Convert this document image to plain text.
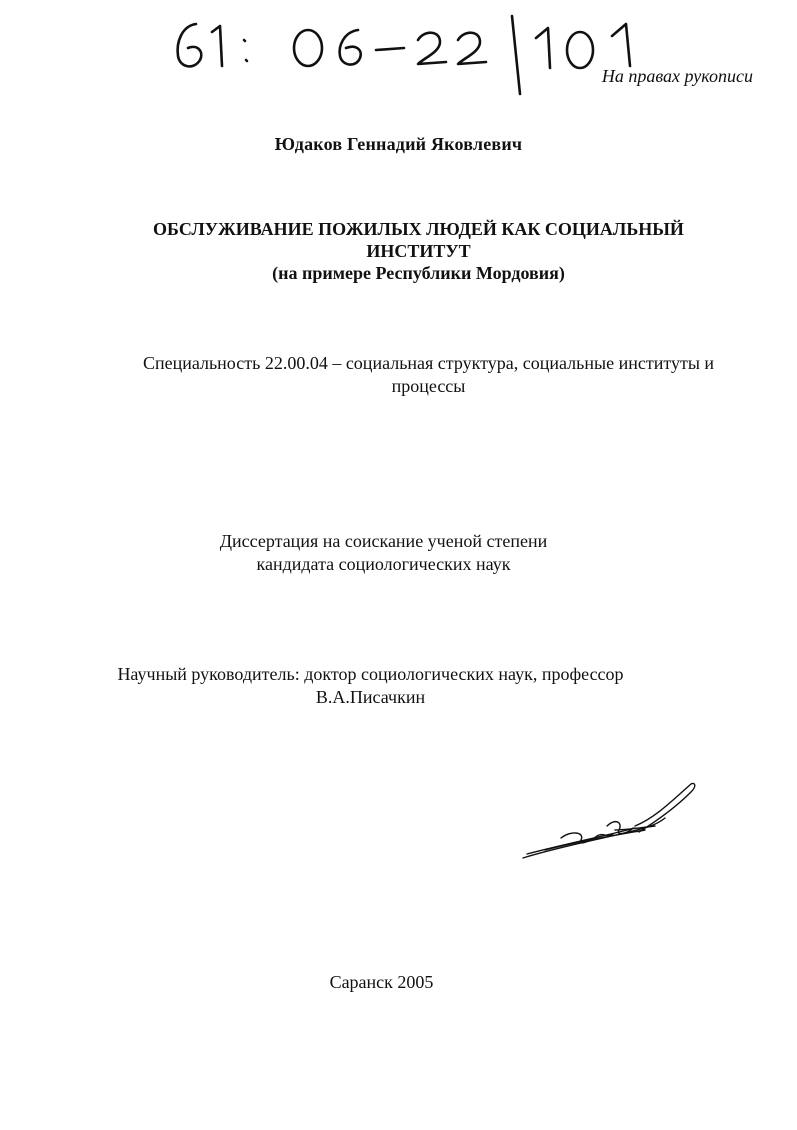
На правах рукописи
Юдаков Геннадий Яковлевич
ОБСЛУЖИВАНИЕ ПОЖИЛЫХ ЛЮДЕЙ КАК СОЦИАЛЬНЫЙ
ИНСТИТУТ
(на примере Республики Мордовия)
Специальность 22.00.04 – социальная структура, социальные институты и
процессы
Диссертация на соискание ученой степени
кандидата социологических наук
Научный руководитель: доктор социологических наук, профессор
В.А.Писачкин
Саранск 2005
